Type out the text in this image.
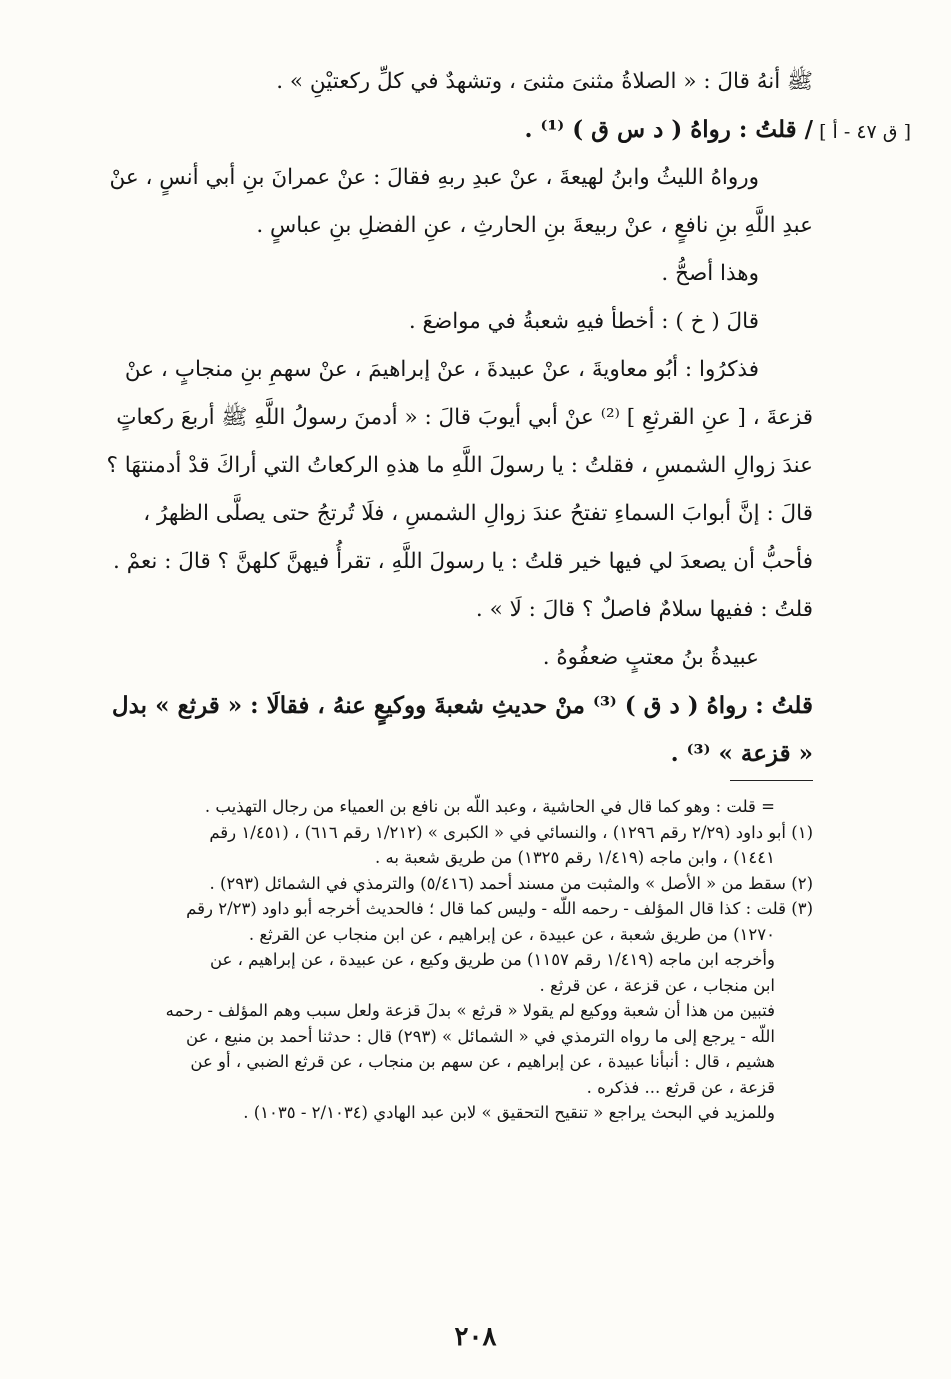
[ ق ٤٧ - أ ]
ﷺ أنهُ قالَ : « الصلاةُ مثنىَ مثنىَ ، وتشهدٌ في كلِّ ركعتيْنِ » .
/ قلتُ : رواهُ ( د س ق ) ⁽¹⁾ .
ورواهُ الليثُ وابنُ لهيعةَ ، عنْ عبدِ ربهِ فقالَ : عنْ عمرانَ بنِ أبي أنسٍ ، عنْ
عبدِ اللَّهِ بنِ نافعٍ ، عنْ ربيعةَ بنِ الحارثِ ، عنِ الفضلِ بنِ عباسٍ .
وهذا أصحُّ .
قالَ ( خ ) : أخطأ فيهِ شعبةُ في مواضعَ .
فذكرُوا : أبُو معاويةَ ، عنْ عبيدةَ ، عنْ إبراهيمَ ، عنْ سهمِ بنِ منجابٍ ، عنْ
قزعةَ ، [ عنِ القرثعِ ] ⁽²⁾ عنْ أبي أيوبَ قالَ : « أدمنَ رسولُ اللَّهِ ﷺ أربعَ ركعاتٍ
عندَ زوالِ الشمسِ ، فقلتُ : يا رسولَ اللَّهِ ما هذهِ الركعاتُ التي أراكَ قدْ أدمنتهَا ؟
قالَ : إنَّ أبوابَ السماءِ تفتحُ عندَ زوالِ الشمسِ ، فلَا تُرتجُ حتى يصلَّى الظهرُ ،
فأحبُّ أن يصعدَ لي فيها خير قلتُ : يا رسولَ اللَّهِ ، تقرأُ فيهنَّ كلهنَّ ؟ قالَ : نعمْ .
قلتُ : ففيها سلامٌ فاصلٌ ؟ قالَ : لَا » .
عبيدةُ بنُ معتبٍ ضعفُوهُ .
قلتُ : رواهُ ( د ق ) ⁽³⁾ منْ حديثِ شعبةَ ووكيعٍ عنهُ ، فقالَا : « قرثع » بدل
« قزعة » ⁽³⁾ .
= قلت : وهو كما قال في الحاشية ، وعبد اللَّه بن نافع بن العمياء من رجال التهذيب .
(١) أبو داود (٢/٢٩ رقم ١٢٩٦) ، والنسائي في « الكبرى » (١/٢١٢ رقم ٦١٦) ، (١/٤٥١ رقم
١٤٤١) ، وابن ماجه (١/٤١٩ رقم ١٣٢٥) من طريق شعبة به .
(٢) سقط من « الأصل » والمثبت من مسند أحمد (٥/٤١٦) والترمذي في الشمائل (٢٩٣) .
(٣) قلت : كذا قال المؤلف - رحمه اللَّه - وليس كما قال ؛ فالحديث أخرجه أبو داود (٢/٢٣ رقم
١٢٧٠) من طريق شعبة ، عن عبيدة ، عن إبراهيم ، عن ابن منجاب عن القرثع .
وأخرجه ابن ماجه (١/٤١٩ رقم ١١٥٧) من طريق وكيع ، عن عبيدة ، عن إبراهيم ، عن
ابن منجاب ، عن قزعة ، عن قرثع .
فتبين من هذا أن شعبة ووكيع لم يقولا « قرثع » بدلَ قزعة ولعل سبب وهم المؤلف - رحمه
اللَّه - يرجع إلى ما رواه الترمذي في « الشمائل » (٢٩٣) قال : حدثنا أحمد بن منيع ، عن
هشيم ، قال : أنبأنا عبيدة ، عن إبراهيم ، عن سهم بن منجاب ، عن قرثع الضبي ، أو عن
قزعة ، عن قرثع ... فذكره .
وللمزيد في البحث يراجع « تنقيح التحقيق » لابن عبد الهادي (٢/١٠٣٤ - ١٠٣٥) .
٢٠٨
